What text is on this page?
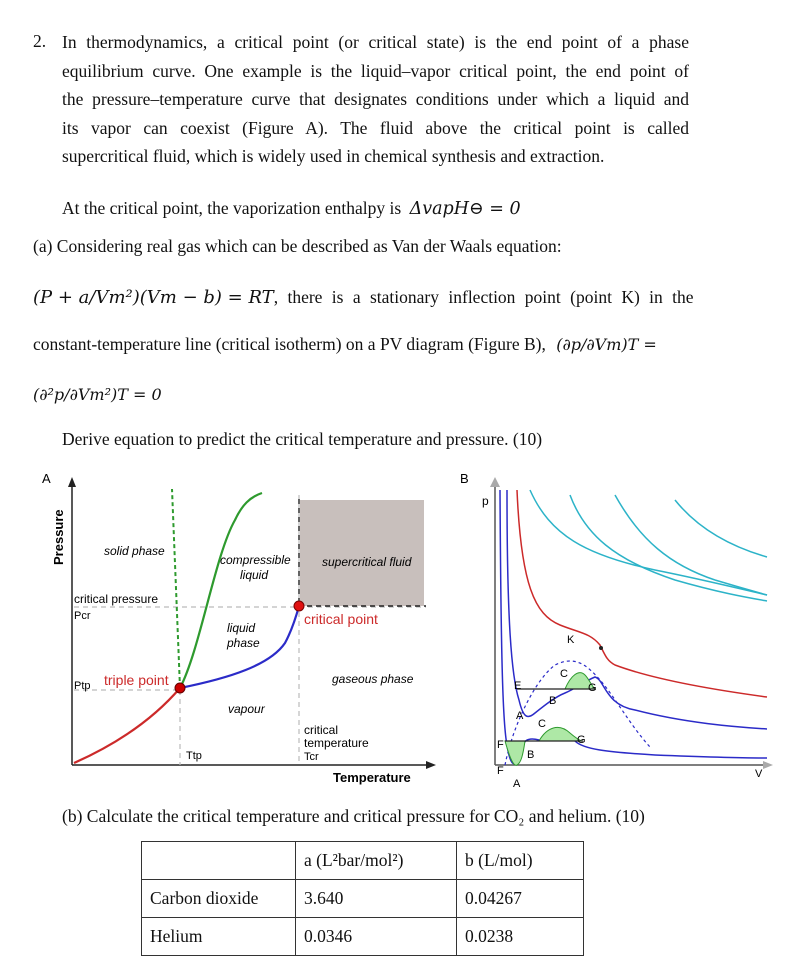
2. In thermodynamics, a critical point (or critical state) is the end point of a phase
equilibrium curve. One example is the liquid–vapor critical point, the end point of
the pressure–temperature curve that designates conditions under which a liquid and
its vapor can coexist (Figure A). The fluid above the critical point is called
supercritical fluid, which is widely used in chemical synthesis and extraction.
At the critical point, the vaporization enthalpy is ΔvapH⊖ = 0
(a) Considering real gas which can be described as Van der Waals equation:
(P + a/Vm²)(Vm − b) = RT, there is a stationary inflection point (point K) in the
constant-temperature line (critical isotherm) on a PV diagram (Figure B), (∂p/∂Vm)T =
(∂²p/∂Vm²)T = 0
Derive equation to predict the critical temperature and pressure. (10)
A
Pressure	solid phase
compressible
liquid
supercritical fluid
critical pressure
Pcr	critical point
liquid
phase
Ptp triple point	gaseous phase
vapour
critical
temperature
Tcr
Ttp
Temperature
B
p
V
K
C
G
E
B
A
C
G
F
B
F
A
(b) Calculate the critical temperature and critical pressure for CO₂ and helium. (10)
	a (L²bar/mol²)	b (L/mol)
Carbon dioxide	3.640	0.04267
Helium	0.0346	0.0238
